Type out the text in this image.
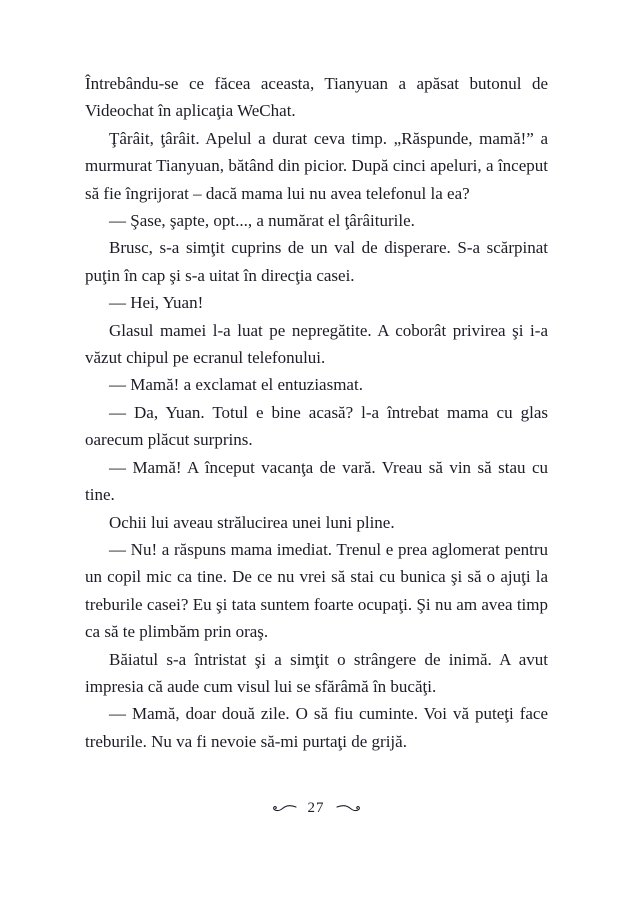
Întrebându-se ce făcea aceasta, Tianyuan a apăsat butonul de Videochat în aplicaţia WeChat.

Ţârâit, ţârâit. Apelul a durat ceva timp. „Răspunde, mamă!” a murmurat Tianyuan, bătând din picior. După cinci apeluri, a început să fie îngrijorat – dacă mama lui nu avea telefonul la ea?

— Şase, şapte, opt..., a numărat el ţârâiturile.

Brusc, s-a simţit cuprins de un val de disperare. S-a scărpinat puţin în cap şi s-a uitat în direcţia casei.

— Hei, Yuan!

Glasul mamei l-a luat pe nepregătite. A coborât privirea şi i-a văzut chipul pe ecranul telefonului.

— Mamă! a exclamat el entuziasmat.

— Da, Yuan. Totul e bine acasă? l-a întrebat mama cu glas oarecum plăcut surprins.

— Mamă! A început vacanţa de vară. Vreau să vin să stau cu tine.

Ochii lui aveau strălucirea unei luni pline.

— Nu! a răspuns mama imediat. Trenul e prea aglomerat pentru un copil mic ca tine. De ce nu vrei să stai cu bunica şi să o ajuţi la treburile casei? Eu şi tata suntem foarte ocupaţi. Şi nu am avea timp ca să te plimbăm prin oraş.

Băiatul s-a întristat şi a simţit o strângere de inimă. A avut impresia că aude cum visul lui se sfărâmă în bucăţi.

— Mamă, doar două zile. O să fiu cuminte. Voi vă puteţi face treburile. Nu va fi nevoie să-mi purtaţi de grijă.

27
